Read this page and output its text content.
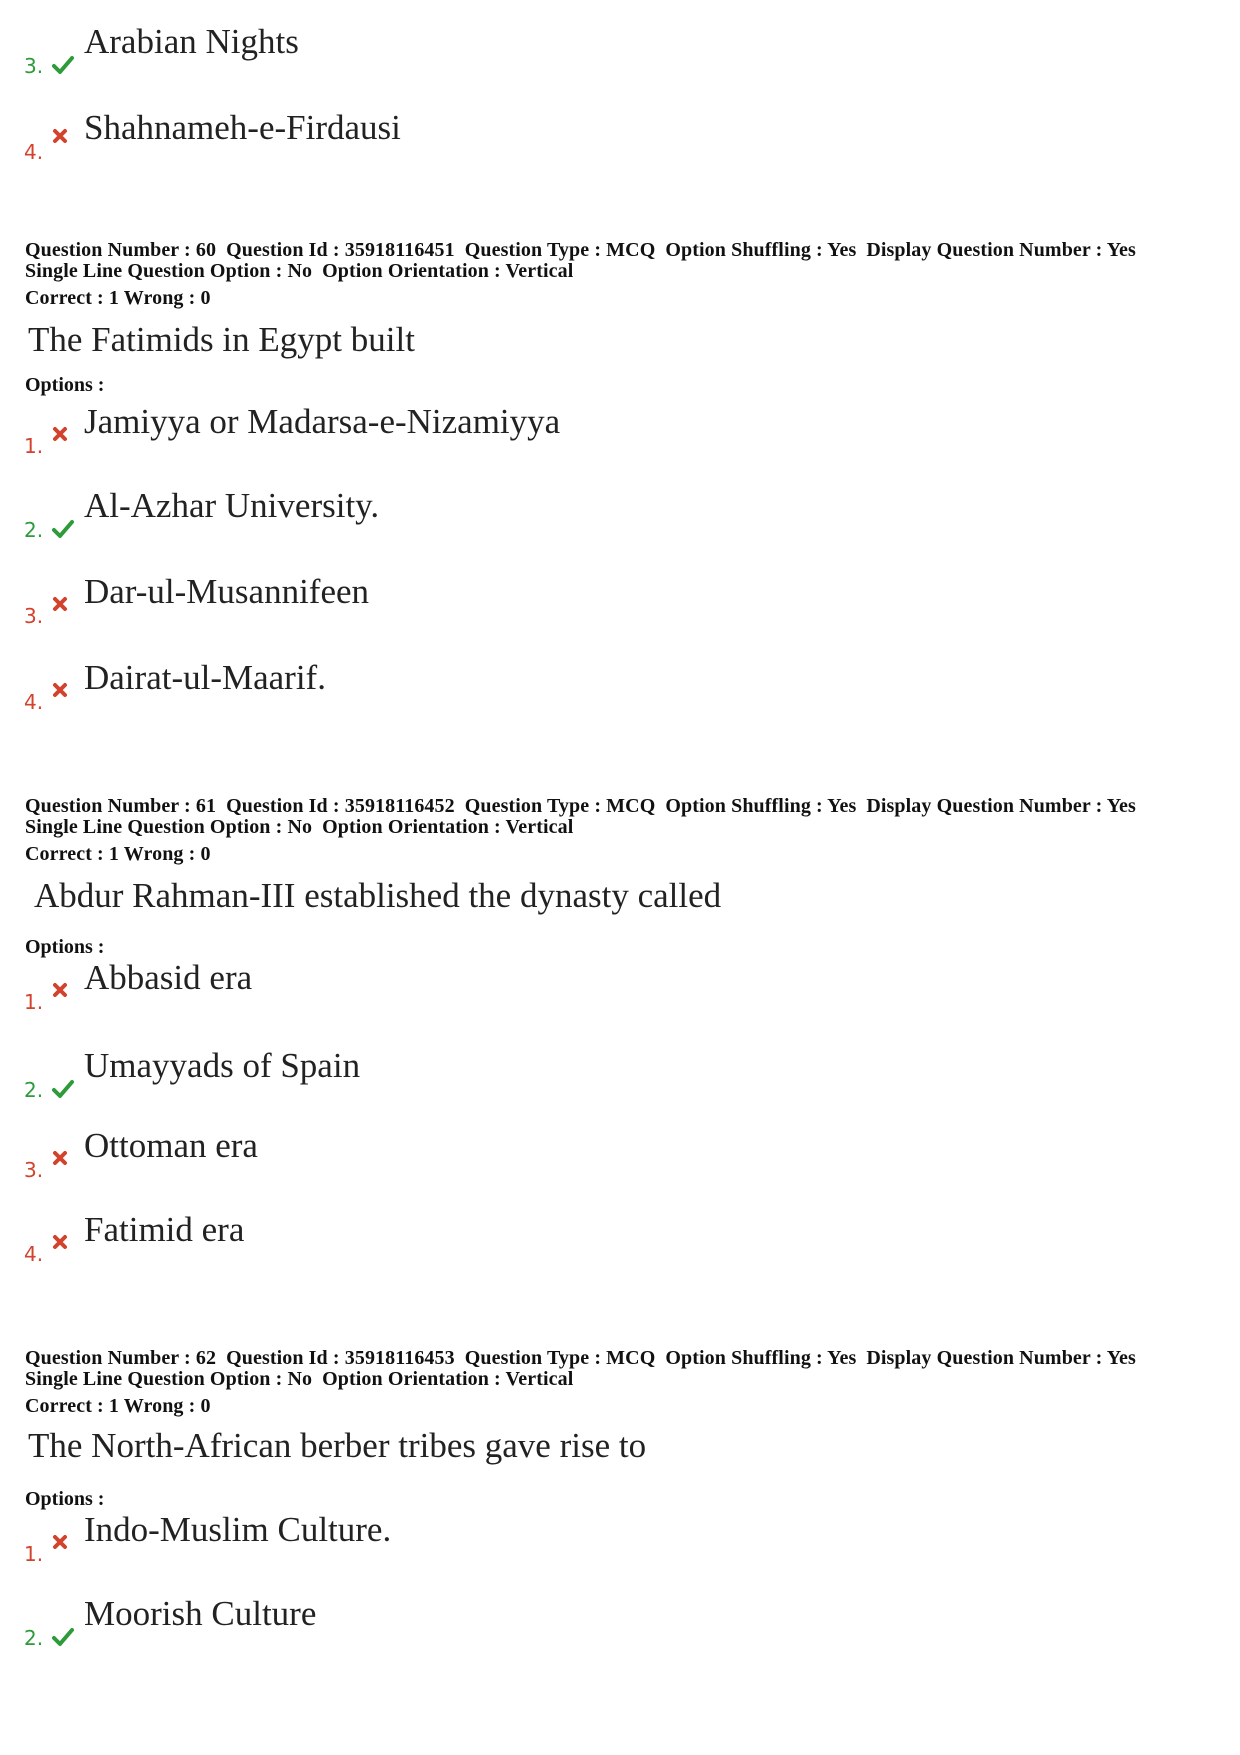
3.
Arabian Nights
4.
Shahnameh-e-Firdausi
Question Number : 60 Question Id : 35918116451 Question Type : MCQ Option Shuffling : Yes Display Question Number : Yes
Single Line Question Option : No Option Orientation : Vertical
Correct : 1 Wrong : 0
The Fatimids in Egypt built
Options :
1.
Jamiyya or Madarsa-e-Nizamiyya
2.
Al-Azhar University.
3.
Dar-ul-Musannifeen
4.
Dairat-ul-Maarif.
Question Number : 61 Question Id : 35918116452 Question Type : MCQ Option Shuffling : Yes Display Question Number : Yes
Single Line Question Option : No Option Orientation : Vertical
Correct : 1 Wrong : 0
Abdur Rahman-III established the dynasty called
Options :
1.
Abbasid era
2.
Umayyads of Spain
3.
Ottoman era
4.
Fatimid era
Question Number : 62 Question Id : 35918116453 Question Type : MCQ Option Shuffling : Yes Display Question Number : Yes
Single Line Question Option : No Option Orientation : Vertical
Correct : 1 Wrong : 0
The North-African berber tribes gave rise to
Options :
1.
Indo-Muslim Culture.
2.
Moorish Culture
